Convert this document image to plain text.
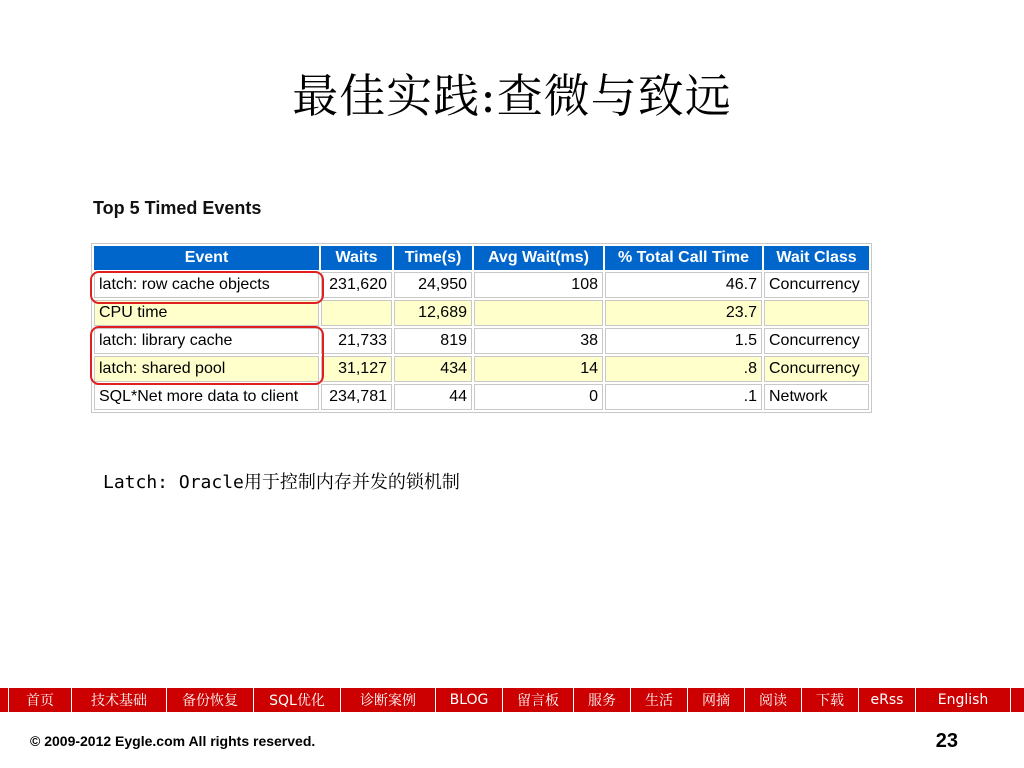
最佳实践:查微与致远
Top 5 Timed Events
Event	Waits	Time(s)	Avg Wait(ms)	% Total Call Time	Wait Class
latch: row cache objects	231,620	24,950	108	46.7	Concurrency
CPU time		12,689		23.7	
latch: library cache	21,733	819	38	1.5	Concurrency
latch: shared pool	31,127	434	14	.8	Concurrency
SQL*Net more data to client	234,781	44	0	.1	Network
Latch: Oracle用于控制内存并发的锁机制
首页	技术基础	备份恢复	SQL优化	诊断案例	BLOG	留言板	服务	生活	网摘	阅读	下载	eRss	English
© 2009-2012 Eygle.com All rights reserved.	23
